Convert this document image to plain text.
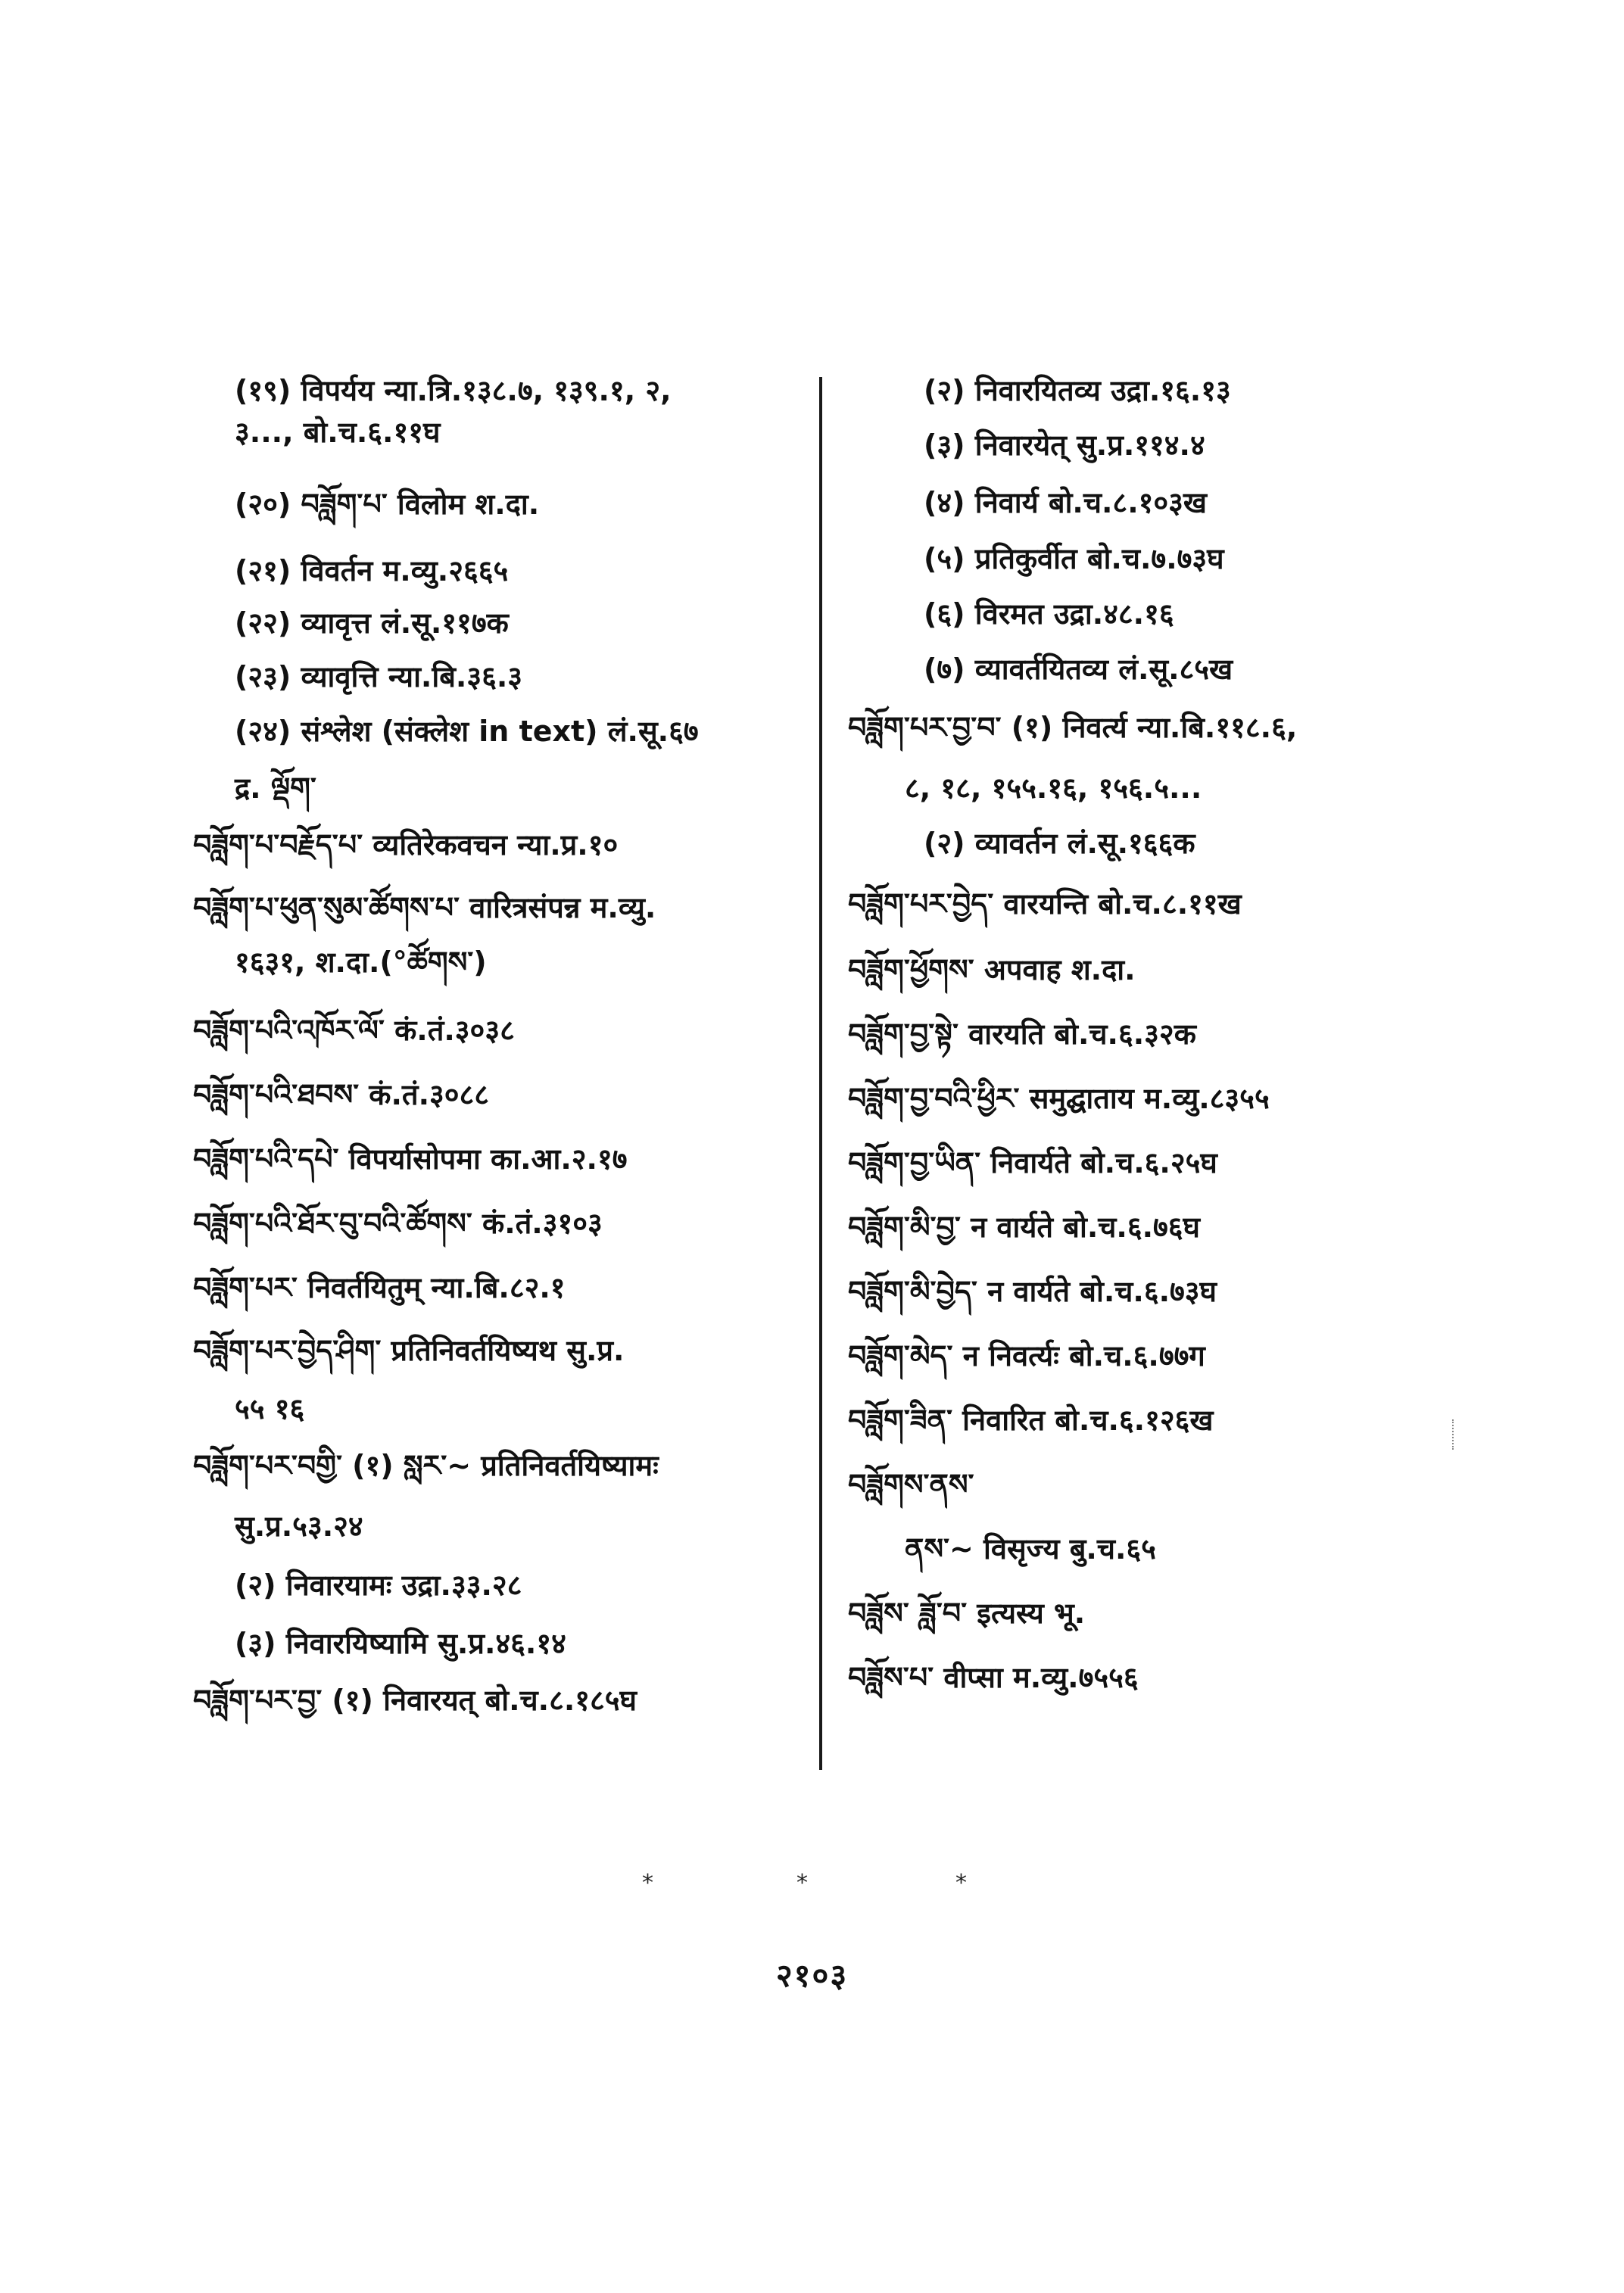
(१९) विपर्यय न्या.त्रि.१३८.७, १३९.१, २,
३..., बो.च.६.११घ
(२०) བཟློག་པ་ विलोम श.दा.
(२१) विवर्तन म.व्यु.२६६५
(२२) व्यावृत्त लं.सू.११७क
(२३) व्यावृत्ति न्या.बि.३६.३
(२४) संश्लेश (संक्लेश in text) लं.सू.६७
द्र. ལྡོག་
བཟློག་པ་བརྗོད་པ་ व्यतिरेकवचन न्या.प्र.१०
བཟློག་པ་ཕུན་སུམ་ཚོགས་པ་ वारित्रसंपन्न म.व्यु.
१६३१, श.दा.(°ཚོགས་)
བཟློག་པའི་འཁོར་ལོ་ कं.तं.३०३८
བཟློག་པའི་ཐབས་ कं.तं.३०८८
བཟློག་པའི་དཔེ་ विपर्यासोपमा का.आ.२.१७
བཟློག་པའི་ཐོར་བུ་བའི་ཚོགས་ कं.तं.३१०३
བཟློག་པར་ निवर्तयितुम् न्या.बि.८२.१
བཟློག་པར་བྱེད་ཤིག་ प्रतिनिवर्तयिष्यथ सु.प्र.
५५ १६
བཟློག་པར་བགྱི་ (१) སླར་~ प्रतिनिवर्तयिष्यामः
सु.प्र.५३.२४
(२) निवारयामः उद्रा.३३.२८
(३) निवारयिष्यामि सु.प्र.४६.१४
བཟློག་པར་བྱ་ (१) निवारयत् बो.च.८.१८५घ
(२) निवारयितव्य उद्रा.१६.१३
(३) निवारयेत् सु.प्र.११४.४
(४) निवार्य बो.च.८.१०३ख
(५) प्रतिकुर्वीत बो.च.७.७३घ
(६) विरमत उद्रा.४८.१६
(७) व्यावर्तयितव्य लं.सू.८५ख
བཟློག་པར་བྱ་བ་ (१) निवर्त्य न्या.बि.११८.६,
८, १८, १५५.१६, १५६.५...
(२) व्यावर्तन लं.सू.१६६क
བཟློག་པར་བྱེད་ वारयन्ति बो.च.८.११ख
བཟློག་ཕྱོགས་ अपवाह श.दा.
བཟློག་བྱ་སྟེ་ वारयति बो.च.६.३२क
བཟློག་བྱ་བའི་ཕྱིར་ समुद्घाताय म.व्यु.८३५५
བཟློག་བྱ་ཡིན་ निवार्यते बो.च.६.२५घ
བཟློག་མི་བྱ་ न वार्यते बो.च.६.७६घ
བཟློག་མི་བྱེད་ न वार्यते बो.च.६.७३घ
བཟློག་མེད་ न निवर्त्यः बो.च.६.७७ग
བཟློག་ཟིན་ निवारित बो.च.६.१२६ख
བཟློགས་ནས་
ནས་~ विसृज्य बु.च.६५
བཟློས་ ཟློ་བ་ इत्यस्य भू.
བཟློས་པ་ वीप्सा म.व्यु.७५५६
*	*	*
२१०३
